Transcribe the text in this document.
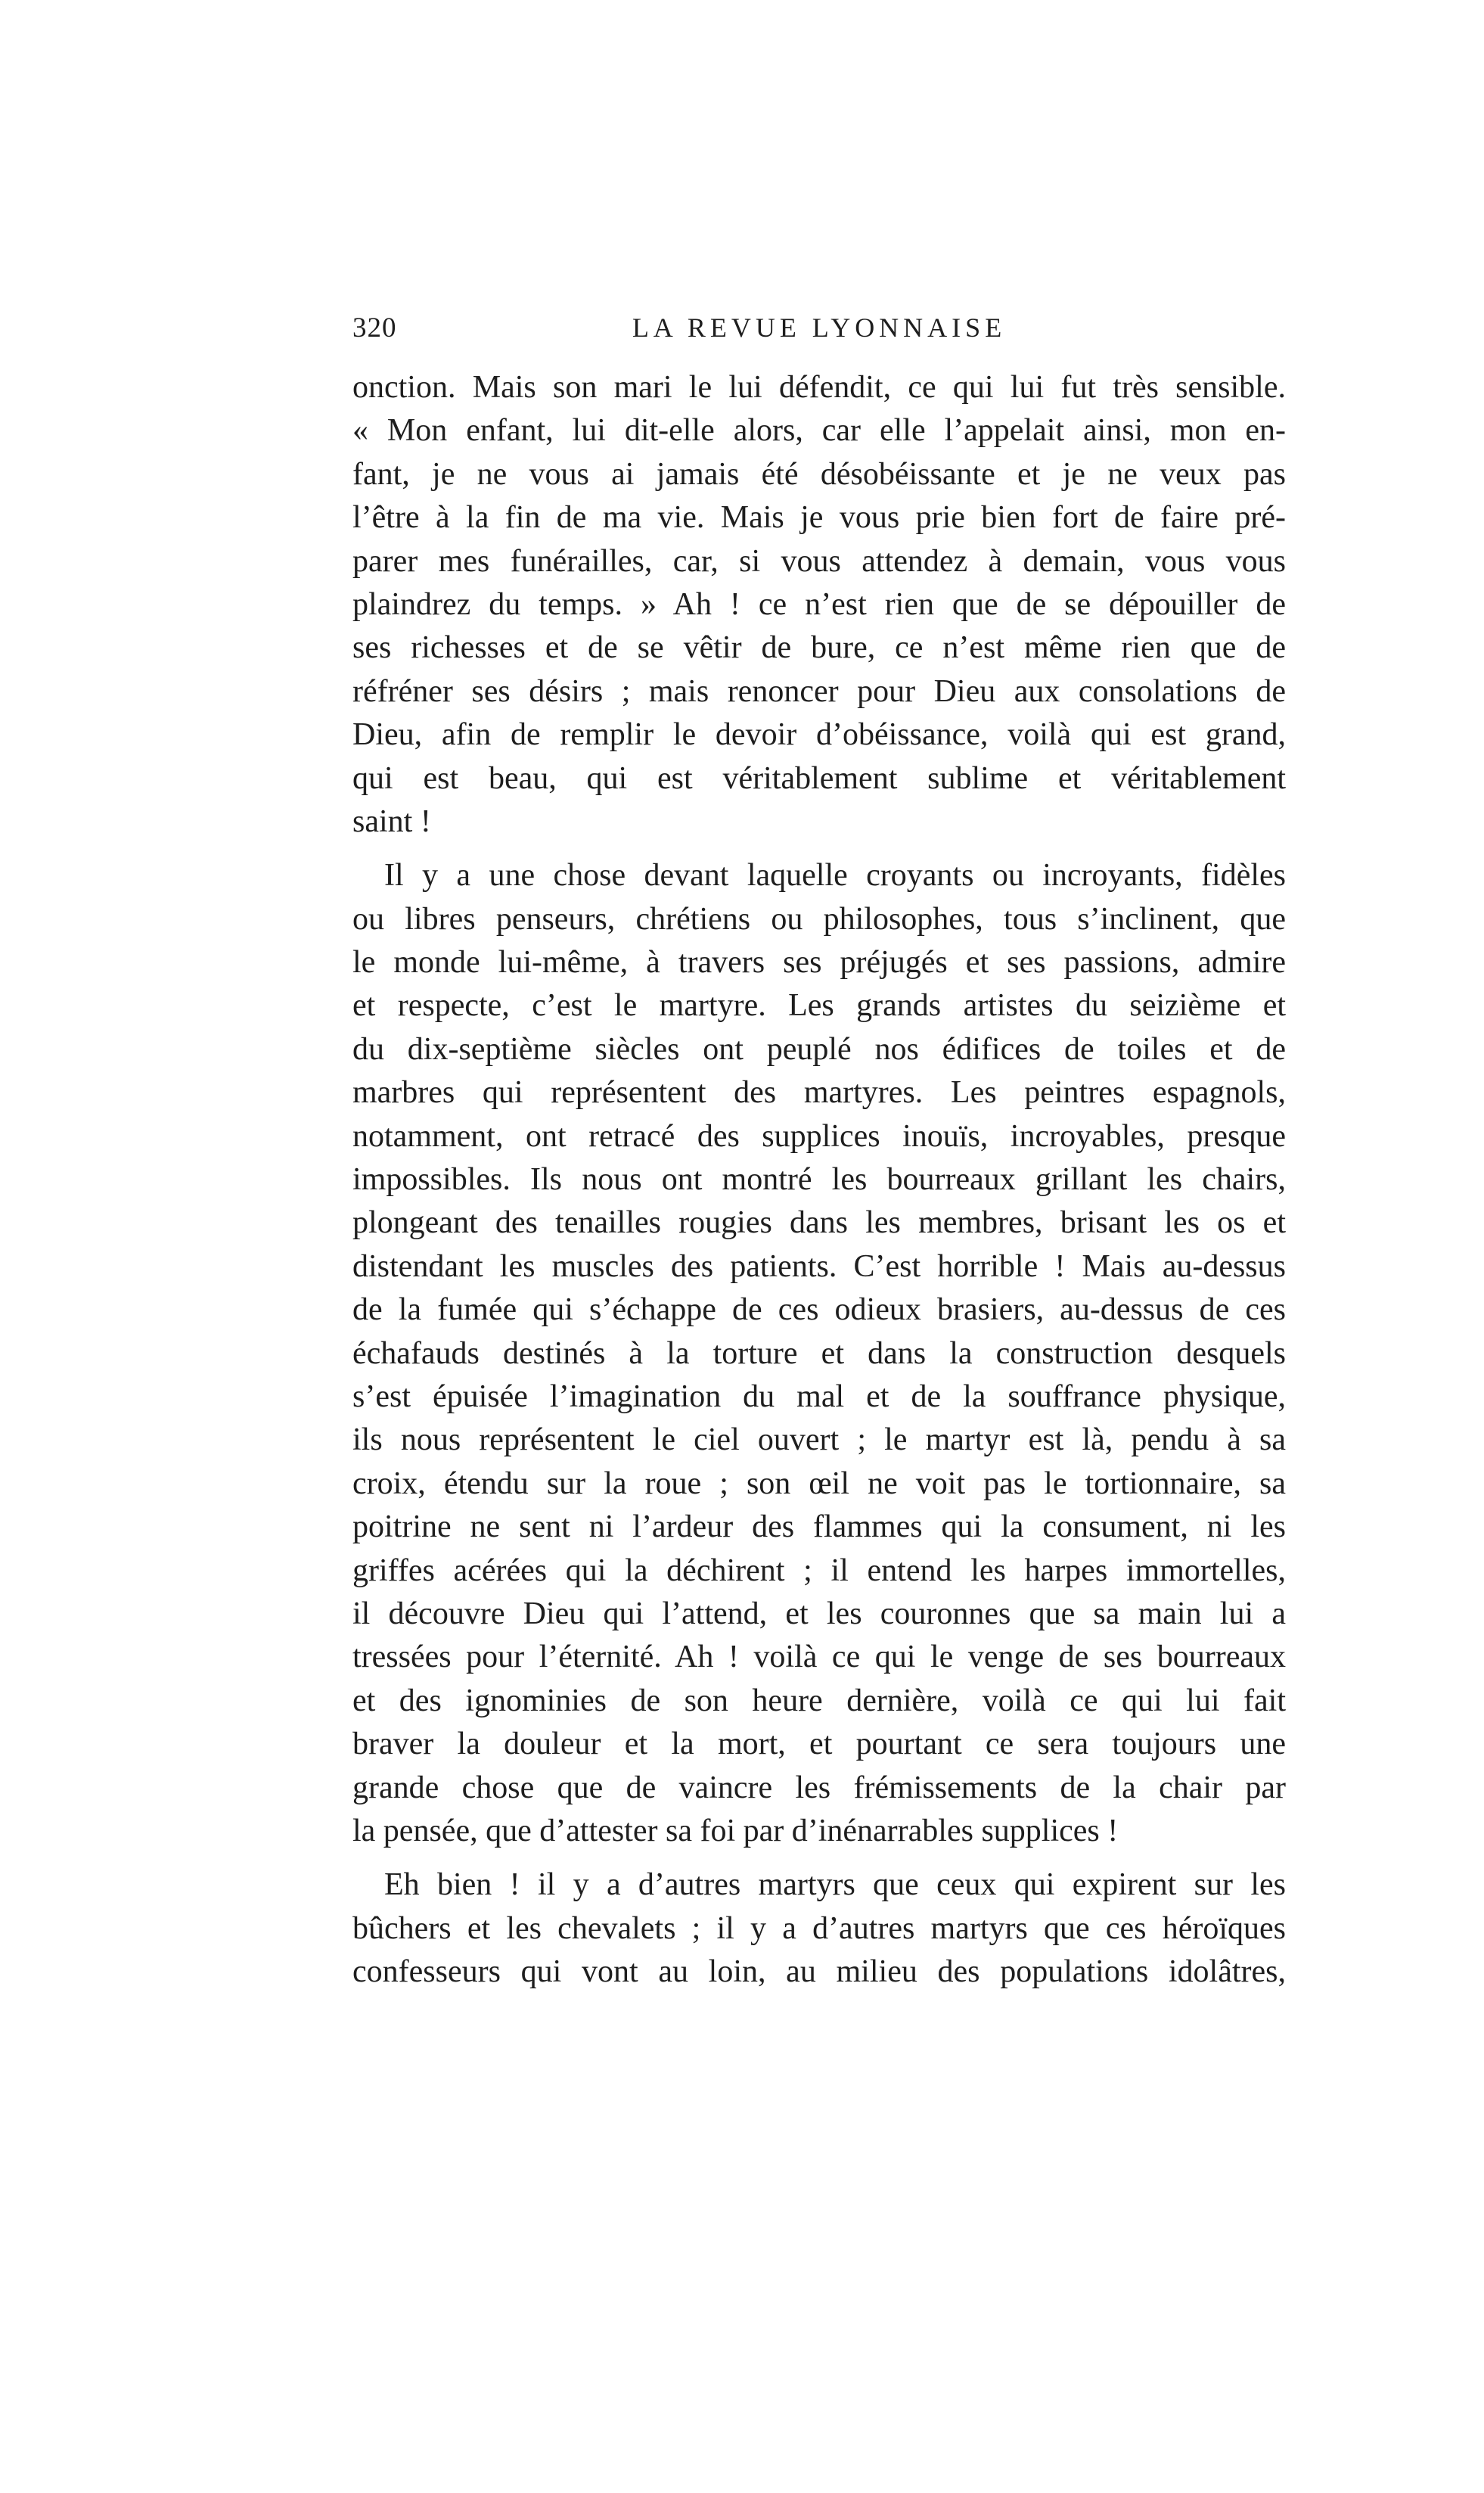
320	LA REVUE LYONNAISE
onction. Mais son mari le lui défendit, ce qui lui fut très sensible.
« Mon enfant, lui dit-elle alors, car elle l’appelait ainsi, mon en-
fant, je ne vous ai jamais été désobéissante et je ne veux pas
l’être à la fin de ma vie. Mais je vous prie bien fort de faire pré-
parer mes funérailles, car, si vous attendez à demain, vous vous
plaindrez du temps. » Ah ! ce n’est rien que de se dépouiller de
ses richesses et de se vêtir de bure, ce n’est même rien que de
réfréner ses désirs ; mais renoncer pour Dieu aux consolations de
Dieu, afin de remplir le devoir d’obéissance, voilà qui est grand,
qui est beau, qui est véritablement sublime et véritablement
saint !
Il y a une chose devant laquelle croyants ou incroyants, fidèles
ou libres penseurs, chrétiens ou philosophes, tous s’inclinent, que
le monde lui-même, à travers ses préjugés et ses passions, admire
et respecte, c’est le martyre. Les grands artistes du seizième et
du dix-septième siècles ont peuplé nos édifices de toiles et de
marbres qui représentent des martyres. Les peintres espagnols,
notamment, ont retracé des supplices inouïs, incroyables, presque
impossibles. Ils nous ont montré les bourreaux grillant les chairs,
plongeant des tenailles rougies dans les membres, brisant les os et
distendant les muscles des patients. C’est horrible ! Mais au-dessus
de la fumée qui s’échappe de ces odieux brasiers, au-dessus de ces
échafauds destinés à la torture et dans la construction desquels
s’est épuisée l’imagination du mal et de la souffrance physique,
ils nous représentent le ciel ouvert ; le martyr est là, pendu à sa
croix, étendu sur la roue ; son œil ne voit pas le tortionnaire, sa
poitrine ne sent ni l’ardeur des flammes qui la consument, ni les
griffes acérées qui la déchirent ; il entend les harpes immortelles,
il découvre Dieu qui l’attend, et les couronnes que sa main lui a
tressées pour l’éternité. Ah ! voilà ce qui le venge de ses bourreaux
et des ignominies de son heure dernière, voilà ce qui lui fait
braver la douleur et la mort, et pourtant ce sera toujours une
grande chose que de vaincre les frémissements de la chair par
la pensée, que d’attester sa foi par d’inénarrables supplices !
Eh bien ! il y a d’autres martyrs que ceux qui expirent sur les
bûchers et les chevalets ; il y a d’autres martyrs que ces héroïques
confesseurs qui vont au loin, au milieu des populations idolâtres,
